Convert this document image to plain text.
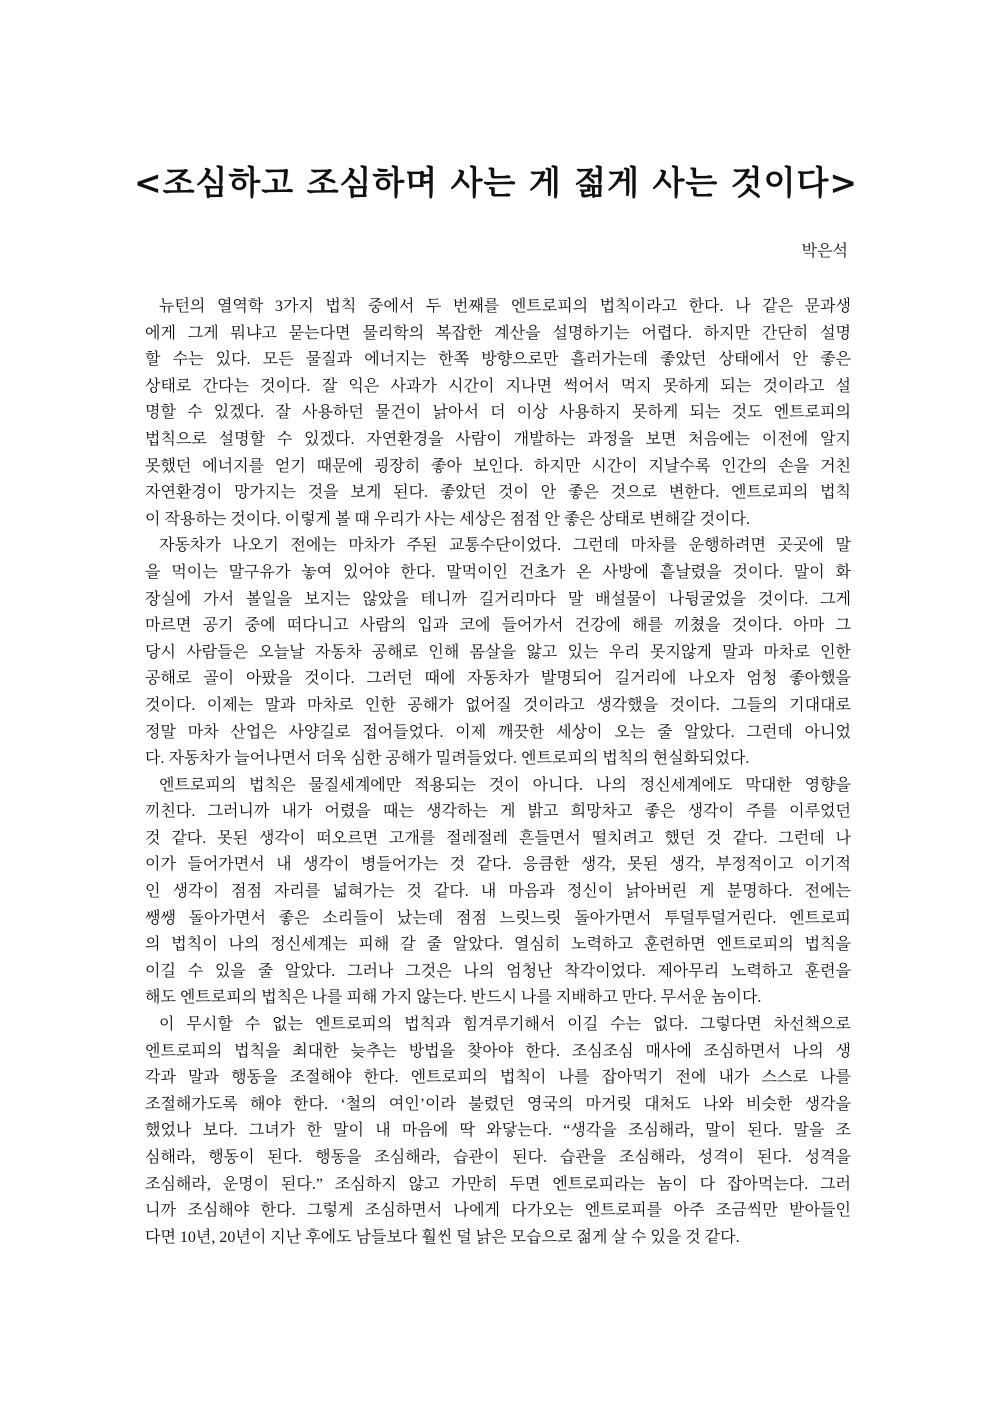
<조심하고 조심하며 사는 게 젊게 사는 것이다>
박은석
뉴턴의 열역학 3가지 법칙 중에서 두 번째를 엔트로피의 법칙이라고 한다. 나 같은 문과생
에게 그게 뭐냐고 묻는다면 물리학의 복잡한 계산을 설명하기는 어렵다. 하지만 간단히 설명
할 수는 있다. 모든 물질과 에너지는 한쪽 방향으로만 흘러가는데 좋았던 상태에서 안 좋은
상태로 간다는 것이다. 잘 익은 사과가 시간이 지나면 썩어서 먹지 못하게 되는 것이라고 설
명할 수 있겠다. 잘 사용하던 물건이 낡아서 더 이상 사용하지 못하게 되는 것도 엔트로피의
법칙으로 설명할 수 있겠다. 자연환경을 사람이 개발하는 과정을 보면 처음에는 이전에 알지
못했던 에너지를 얻기 때문에 굉장히 좋아 보인다. 하지만 시간이 지날수록 인간의 손을 거친
자연환경이 망가지는 것을 보게 된다. 좋았던 것이 안 좋은 것으로 변한다. 엔트로피의 법칙
이 작용하는 것이다. 이렇게 볼 때 우리가 사는 세상은 점점 안 좋은 상태로 변해갈 것이다.
자동차가 나오기 전에는 마차가 주된 교통수단이었다. 그런데 마차를 운행하려면 곳곳에 말
을 먹이는 말구유가 놓여 있어야 한다. 말먹이인 건초가 온 사방에 흩날렸을 것이다. 말이 화
장실에 가서 볼일을 보지는 않았을 테니까 길거리마다 말 배설물이 나뒹굴었을 것이다. 그게
마르면 공기 중에 떠다니고 사람의 입과 코에 들어가서 건강에 해를 끼쳤을 것이다. 아마 그
당시 사람들은 오늘날 자동차 공해로 인해 몸살을 앓고 있는 우리 못지않게 말과 마차로 인한
공해로 골이 아팠을 것이다. 그러던 때에 자동차가 발명되어 길거리에 나오자 엄청 좋아했을
것이다. 이제는 말과 마차로 인한 공해가 없어질 것이라고 생각했을 것이다. 그들의 기대대로
정말 마차 산업은 사양길로 접어들었다. 이제 깨끗한 세상이 오는 줄 알았다. 그런데 아니었
다. 자동차가 늘어나면서 더욱 심한 공해가 밀려들었다. 엔트로피의 법칙의 현실화되었다.
엔트로피의 법칙은 물질세계에만 적용되는 것이 아니다. 나의 정신세계에도 막대한 영향을
끼친다. 그러니까 내가 어렸을 때는 생각하는 게 밝고 희망차고 좋은 생각이 주를 이루었던
것 같다. 못된 생각이 떠오르면 고개를 절레절레 흔들면서 떨치려고 했던 것 같다. 그런데 나
이가 들어가면서 내 생각이 병들어가는 것 같다. 응큼한 생각, 못된 생각, 부정적이고 이기적
인 생각이 점점 자리를 넓혀가는 것 같다. 내 마음과 정신이 낡아버린 게 분명하다. 전에는
쌩쌩 돌아가면서 좋은 소리들이 났는데 점점 느릿느릿 돌아가면서 투덜투덜거린다. 엔트로피
의 법칙이 나의 정신세계는 피해 갈 줄 알았다. 열심히 노력하고 훈련하면 엔트로피의 법칙을
이길 수 있을 줄 알았다. 그러나 그것은 나의 엄청난 착각이었다. 제아무리 노력하고 훈련을
해도 엔트로피의 법칙은 나를 피해 가지 않는다. 반드시 나를 지배하고 만다. 무서운 놈이다.
이 무시할 수 없는 엔트로피의 법칙과 힘겨루기해서 이길 수는 없다. 그렇다면 차선책으로
엔트로피의 법칙을 최대한 늦추는 방법을 찾아야 한다. 조심조심 매사에 조심하면서 나의 생
각과 말과 행동을 조절해야 한다. 엔트로피의 법칙이 나를 잡아먹기 전에 내가 스스로 나를
조절해가도록 해야 한다. ‘철의 여인’이라 불렸던 영국의 마거릿 대처도 나와 비슷한 생각을
했었나 보다. 그녀가 한 말이 내 마음에 딱 와닿는다. “생각을 조심해라, 말이 된다. 말을 조
심해라, 행동이 된다. 행동을 조심해라, 습관이 된다. 습관을 조심해라, 성격이 된다. 성격을
조심해라, 운명이 된다.” 조심하지 않고 가만히 두면 엔트로피라는 놈이 다 잡아먹는다. 그러
니까 조심해야 한다. 그렇게 조심하면서 나에게 다가오는 엔트로피를 아주 조금씩만 받아들인
다면 10년, 20년이 지난 후에도 남들보다 훨씬 덜 낡은 모습으로 젊게 살 수 있을 것 같다.
